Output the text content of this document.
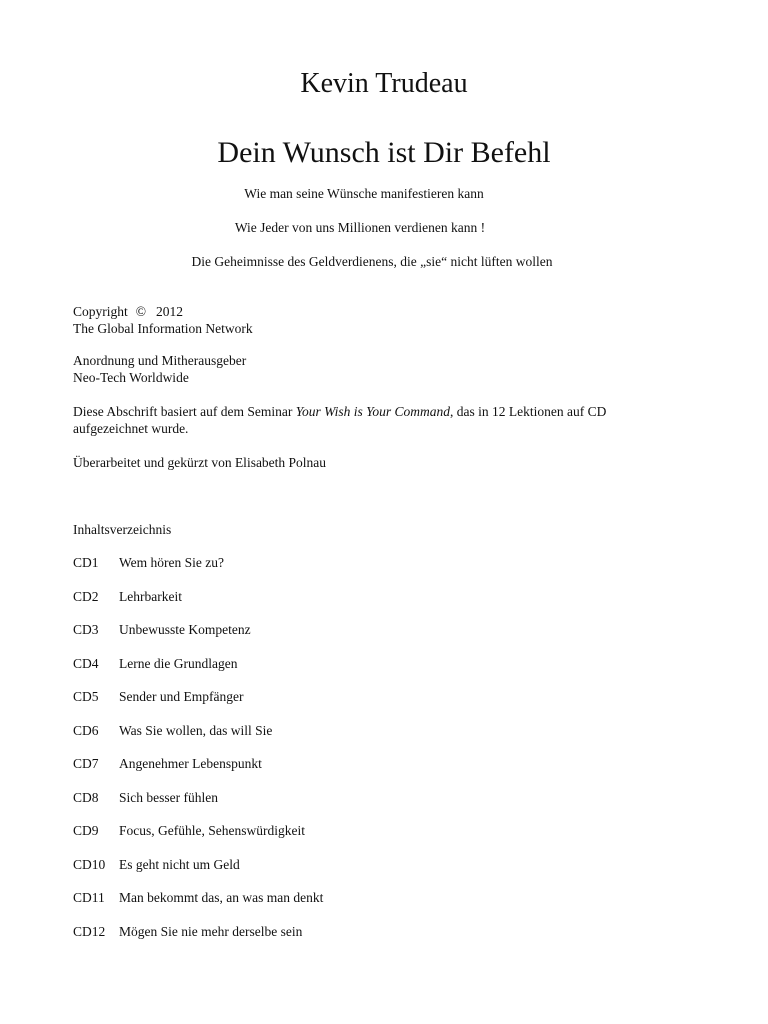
Kevin Trudeau
Dein Wunsch ist Dir Befehl
Wie man seine Wünsche manifestieren kann
Wie Jeder von uns Millionen verdienen kann !
Die Geheimnisse des Geldverdienens, die „sie“ nicht lüften wollen
Copyright © 2012
The Global Information Network
Anordnung und Mitherausgeber
Neo-Tech Worldwide
Diese Abschrift basiert auf dem Seminar Your Wish is Your Command, das in 12 Lektionen auf CD
aufgezeichnet wurde.
Überarbeitet und gekürzt von Elisabeth Polnau
Inhaltsverzeichnis
CD1 Wem hören Sie zu?
CD2 Lehrbarkeit
CD3 Unbewusste Kompetenz
CD4 Lerne die Grundlagen
CD5 Sender und Empfänger
CD6 Was Sie wollen, das will Sie
CD7 Angenehmer Lebenspunkt
CD8 Sich besser fühlen
CD9 Focus, Gefühle, Sehenswürdigkeit
CD10 Es geht nicht um Geld
CD11 Man bekommt das, an was man denkt
CD12 Mögen Sie nie mehr derselbe sein
